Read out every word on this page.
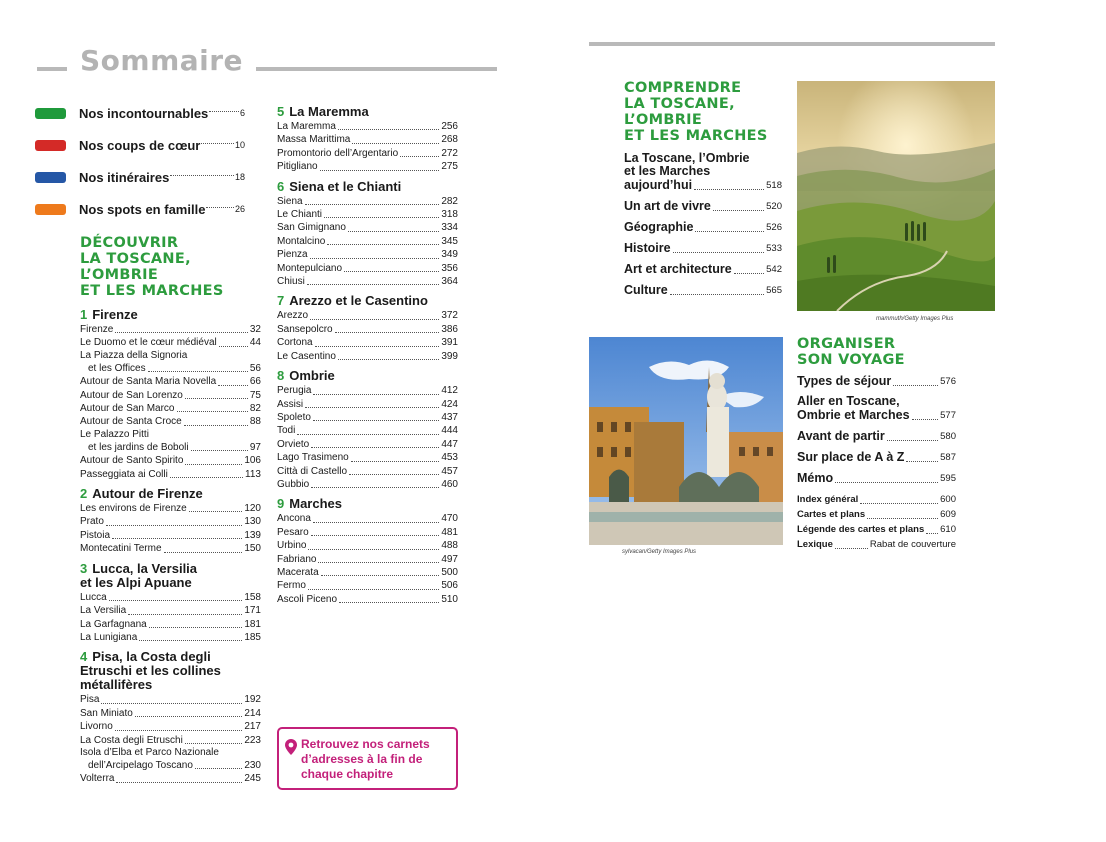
Sommaire
Nos incontournables	6
Nos coups de cœur	10
Nos itinéraires	18
Nos spots en famille	26
DÉCOUVRIR
LA TOSCANE,
L’OMBRIE
ET LES MARCHES
1 Firenze
Firenze	32
Le Duomo et le cœur médiéval	44
La Piazza della Signoria
et les Offices	56
Autour de Santa Maria Novella	66
Autour de San Lorenzo	75
Autour de San Marco	82
Autour de Santa Croce	88
Le Palazzo Pitti
et les jardins de Boboli	97
Autour de Santo Spirito	106
Passeggiata ai Colli	113
2 Autour de Firenze
Les environs de Firenze	120
Prato	130
Pistoia	139
Montecatini Terme	150
3 Lucca, la Versilia
et les Alpi Apuane
Lucca	158
La Versilia	171
La Garfagnana	181
La Lunigiana	185
4 Pisa, la Costa degli
Etruschi et les collines
métallifères
Pisa	192
San Miniato	214
Livorno	217
La Costa degli Etruschi	223
Isola d’Elba et Parco Nazionale
dell’Arcipelago Toscano	230
Volterra	245
5 La Maremma
La Maremma	256
Massa Marittima	268
Promontorio dell’Argentario	272
Pitigliano	275
6 Siena et le Chianti
Siena	282
Le Chianti	318
San Gimignano	334
Montalcino	345
Pienza	349
Montepulciano	356
Chiusi	364
7 Arezzo et le Casentino
Arezzo	372
Sansepolcro	386
Cortona	391
Le Casentino	399
8 Ombrie
Perugia	412
Assisi	424
Spoleto	437
Todi	444
Orvieto	447
Lago Trasimeno	453
Città di Castello	457
Gubbio	460
9 Marches
Ancona	470
Pesaro	481
Urbino	488
Fabriano	497
Macerata	500
Fermo	506
Ascoli Piceno	510
Retrouvez nos carnets d’adresses à la fin de chaque chapitre
COMPRENDRE
LA TOSCANE,
L’OMBRIE
ET LES MARCHES
La Toscane, l’Ombrie
et les Marches
aujourd’hui	518
Un art de vivre	520
Géographie	526
Histoire	533
Art et architecture	542
Culture	565
mammuth/Getty Images Plus
sylvacan/Getty Images Plus
ORGANISER
SON VOYAGE
Types de séjour	576
Aller en Toscane,
Ombrie et Marches	577
Avant de partir	580
Sur place de A à Z	587
Mémo	595
Index général	600
Cartes et plans	609
Légende des cartes et plans 610
Lexique	Rabat de couverture
